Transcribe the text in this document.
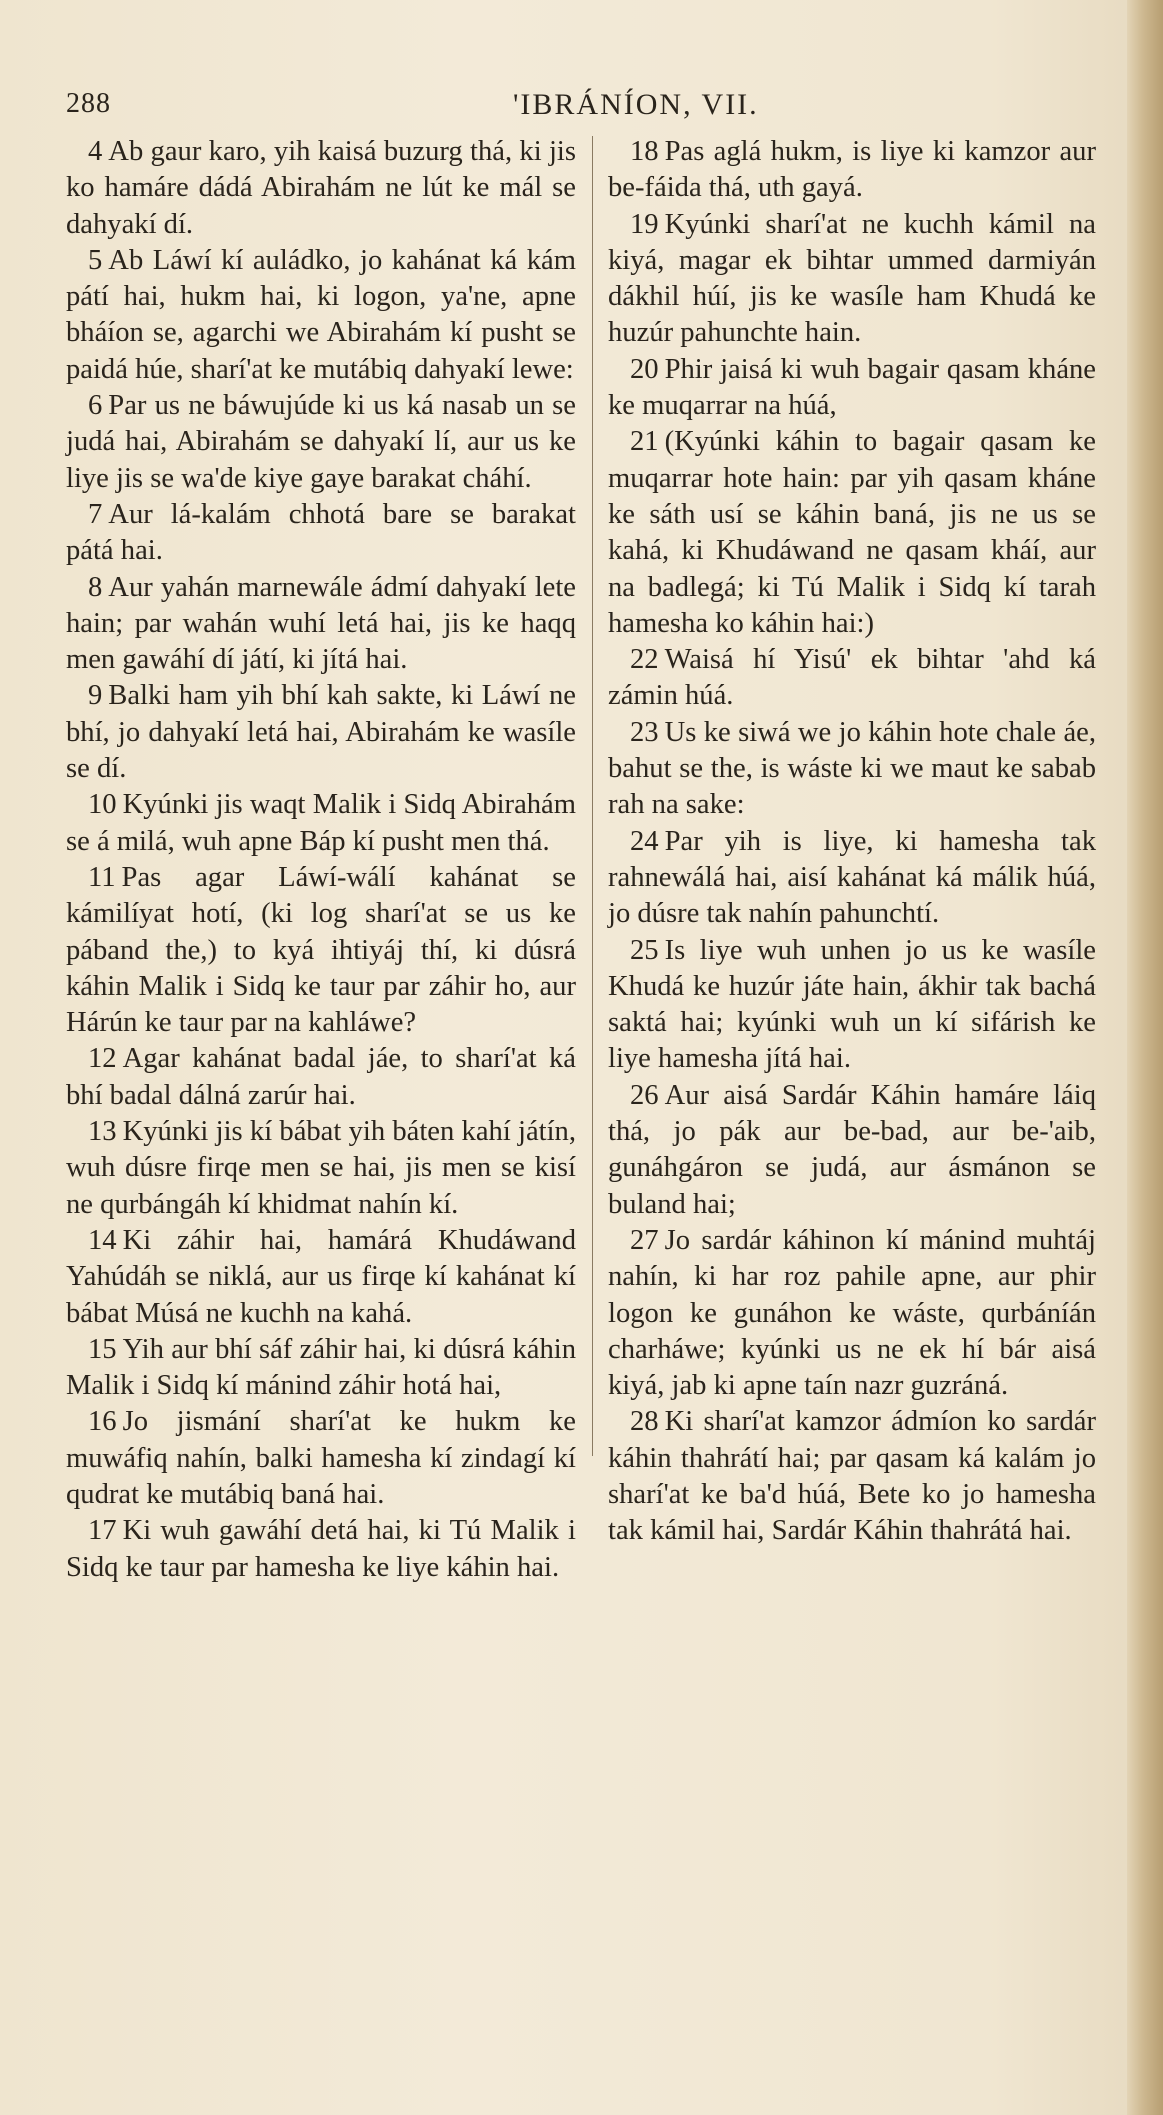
288	'IBRÁNÍON, VII.

4 Ab gaur karo, yih kaisá buzurg thá, ki jis ko hamáre dádá Abirahám ne lút ke mál se dahyakí dí.

5 Ab Láwí kí auládko, jo kahánat ká kám pátí hai, hukm hai, ki logon, ya'ne, apne bháíon se, agarchi we Abirahám kí pusht se paidá húe, sharí'at ke mutábiq dahyakí lewe:

6 Par us ne báwujúde ki us ká nasab un se judá hai, Abirahám se dahyakí lí, aur us ke liye jis se wa'de kiye gaye barakat cháhí.

7 Aur lá-kalám chhotá bare se barakat pátá hai.

8 Aur yahán marnewále ádmí dahyakí lete hain; par wahán wuhí letá hai, jis ke haqq men gawáhí dí játí, ki jítá hai.

9 Balki ham yih bhí kah sakte, ki Láwí ne bhí, jo dahyakí letá hai, Abirahám ke wasíle se dí.

10 Kyúnki jis waqt Malik i Sidq Abirahám se á milá, wuh apne Báp kí pusht men thá.

11 Pas agar Láwí-wálí kahánat se kámilíyat hotí, (ki log sharí'at se us ke páband the,) to kyá ihtiyáj thí, ki dúsrá káhin Malik i Sidq ke taur par záhir ho, aur Hárún ke taur par na kahláwe?

12 Agar kahánat badal jáe, to sharí'at ká bhí badal dálná zarúr hai.

13 Kyúnki jis kí bábat yih báten kahí játín, wuh dúsre firqe men se hai, jis men se kisí ne qurbángáh kí khidmat nahín kí.

14 Ki záhir hai, hamárá Khudáwand Yahúdáh se niklá, aur us firqe kí kahánat kí bábat Músá ne kuchh na kahá.

15 Yih aur bhí sáf záhir hai, ki dúsrá káhin Malik i Sidq kí mánind záhir hotá hai,

16 Jo jismání sharí'at ke hukm ke muwáfiq nahín, balki hamesha kí zindagí kí qudrat ke mutábiq baná hai.

17 Ki wuh gawáhí detá hai, ki Tú Malik i Sidq ke taur par hamesha ke liye káhin hai.

18 Pas aglá hukm, is liye ki kamzor aur be-fáida thá, uth gayá.

19 Kyúnki sharí'at ne kuchh kámil na kiyá, magar ek bihtar ummed darmiyán dákhil húí, jis ke wasíle ham Khudá ke huzúr pahunchte hain.

20 Phir jaisá ki wuh bagair qasam kháne ke muqarrar na húá,

21 (Kyúnki káhin to bagair qasam ke muqarrar hote hain: par yih qasam kháne ke sáth usí se káhin baná, jis ne us se kahá, ki Khudáwand ne qasam kháí, aur na badlegá; ki Tú Malik i Sidq kí tarah hamesha ko káhin hai:)

22 Waisá hí Yisú' ek bihtar 'ahd ká zámin húá.

23 Us ke siwá we jo káhin hote chale áe, bahut se the, is wáste ki we maut ke sabab rah na sake:

24 Par yih is liye, ki hamesha tak rahnewálá hai, aisí kahánat ká málik húá, jo dúsre tak nahín pahunchtí.

25 Is liye wuh unhen jo us ke wasíle Khudá ke huzúr játe hain, ákhir tak bachá saktá hai; kyúnki wuh un kí sifárish ke liye hamesha jítá hai.

26 Aur aisá Sardár Káhin hamáre láiq thá, jo pák aur be-bad, aur be-'aib, gunáhgáron se judá, aur ásmánon se buland hai;

27 Jo sardár káhinon kí mánind muhtáj nahín, ki har roz pahile apne, aur phir logon ke gunáhon ke wáste, qurbáníán charháwe; kyúnki us ne ek hí bár aisá kiyá, jab ki apne taín nazr guzráná.

28 Ki sharí'at kamzor ádmíon ko sardár káhin thahrátí hai; par qasam ká kalám jo sharí'at ke ba'd húá, Bete ko jo hamesha tak kámil hai, Sardár Káhin thahrátá hai.
